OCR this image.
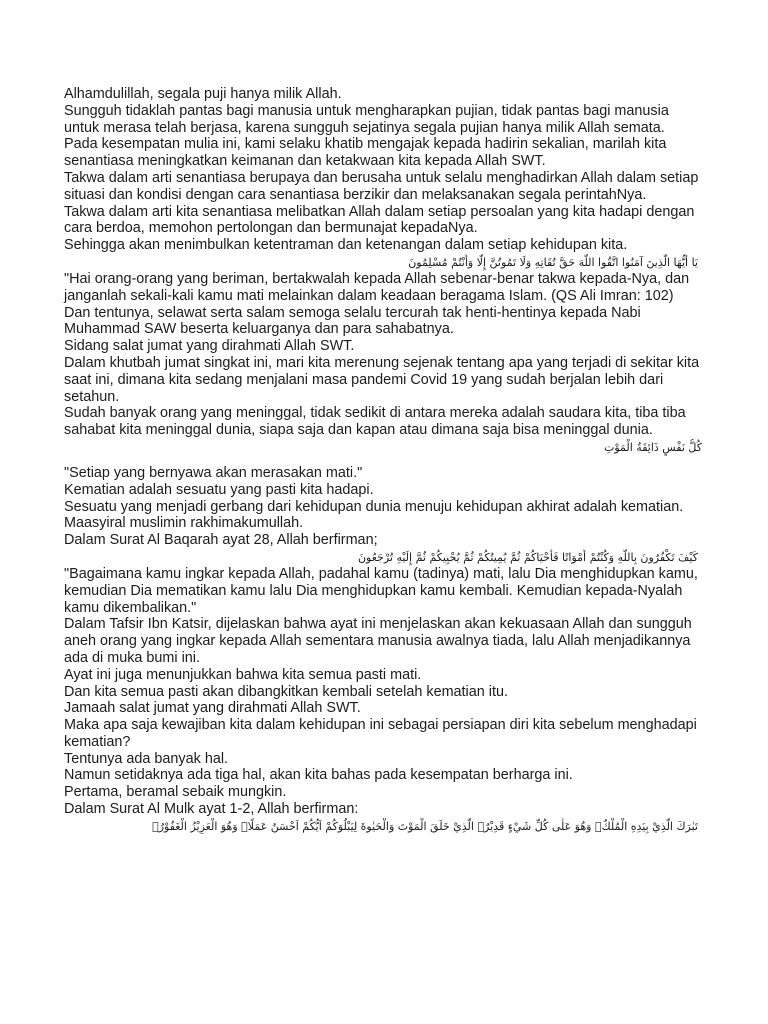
Alhamdulillah, segala puji hanya milik Allah.

Sungguh tidaklah pantas bagi manusia untuk mengharapkan pujian, tidak pantas bagi manusia untuk merasa telah berjasa, karena sungguh sejatinya segala pujian hanya milik Allah semata.

Pada kesempatan mulia ini, kami selaku khatib mengajak kepada hadirin sekalian, marilah kita senantiasa meningkatkan keimanan dan ketakwaan kita kepada Allah SWT.

Takwa dalam arti senantiasa berupaya dan berusaha untuk selalu menghadirkan Allah dalam setiap situasi dan kondisi dengan cara senantiasa berzikir dan melaksanakan segala perintahNya.

Takwa dalam arti kita senantiasa melibatkan Allah dalam setiap persoalan yang kita hadapi dengan cara berdoa, memohon pertolongan dan bermunajat kepadaNya.

Sehingga akan menimbulkan ketentraman dan ketenangan dalam setiap kehidupan kita.

يَا أَيُّهَا الَّذِينَ آمَنُوا اتَّقُوا اللَّهَ حَقَّ تُقَاتِهِ وَلَا تَمُوتُنَّ إِلَّا وَأَنْتُمْ مُسْلِمُونَ

"Hai orang-orang yang beriman, bertakwalah kepada Allah sebenar-benar takwa kepada-Nya, dan janganlah sekali-kali kamu mati melainkan dalam keadaan beragama Islam. (QS Ali Imran: 102)

Dan tentunya, selawat serta salam semoga selalu tercurah tak henti-hentinya kepada Nabi Muhammad SAW beserta keluarganya dan para sahabatnya.

Sidang salat jumat yang dirahmati Allah SWT.

Dalam khutbah jumat singkat ini, mari kita merenung sejenak tentang apa yang terjadi di sekitar kita saat ini, dimana kita sedang menjalani masa pandemi Covid 19 yang sudah berjalan lebih dari setahun.

Sudah banyak orang yang meninggal, tidak sedikit di antara mereka adalah saudara kita, tiba tiba sahabat kita meninggal dunia, siapa saja dan kapan atau dimana saja bisa meninggal dunia.

كُلُّ نَفْسٍ ذَائِقَةُ الْمَوْتِ

"Setiap yang bernyawa akan merasakan mati."

Kematian adalah sesuatu yang pasti kita hadapi.

Sesuatu yang menjadi gerbang dari kehidupan dunia menuju kehidupan akhirat adalah kematian.

Maasyiral muslimin rakhimakumullah.

Dalam Surat Al Baqarah ayat 28, Allah berfirman;

كَيْفَ تَكْفُرُونَ بِاللَّهِ وَكُنْتُمْ أَمْوَاتًا فَأَحْيَاكُمْ ثُمَّ يُمِيتُكُمْ ثُمَّ يُحْيِيكُمْ ثُمَّ إِلَيْهِ تُرْجَعُونَ

"Bagaimana kamu ingkar kepada Allah, padahal kamu (tadinya) mati, lalu Dia menghidupkan kamu, kemudian Dia mematikan kamu lalu Dia menghidupkan kamu kembali. Kemudian kepada-Nyalah kamu dikembalikan."

Dalam Tafsir Ibn Katsir, dijelaskan bahwa ayat ini menjelaskan akan kekuasaan Allah dan sungguh aneh orang yang ingkar kepada Allah sementara manusia awalnya tiada, lalu Allah menjadikannya ada di muka bumi ini.

Ayat ini juga menunjukkan bahwa kita semua pasti mati.

Dan kita semua pasti akan dibangkitkan kembali setelah kematian itu.

Jamaah salat jumat yang dirahmati Allah SWT.

Maka apa saja kewajiban kita dalam kehidupan ini sebagai persiapan diri kita sebelum menghadapi kematian?

Tentunya ada banyak hal.

Namun setidaknya ada tiga hal, akan kita bahas pada kesempatan berharga ini.

Pertama, beramal sebaik mungkin.

Dalam Surat Al Mulk ayat 1-2, Allah berfirman:

تَبٰرَكَ الَّذِيْ بِيَدِهِ الْمُلْكُۖ وَهُوَ عَلٰى كُلِّ شَيْءٍ قَدِيْرٌۙ الَّذِيْ خَلَقَ الْمَوْتَ وَالْحَيٰوةَ لِيَبْلُوَكُمْ اَيُّكُمْ اَحْسَنُ عَمَلًاۗ وَهُوَ الْعَزِيْزُ الْغَفُوْرُۙ
